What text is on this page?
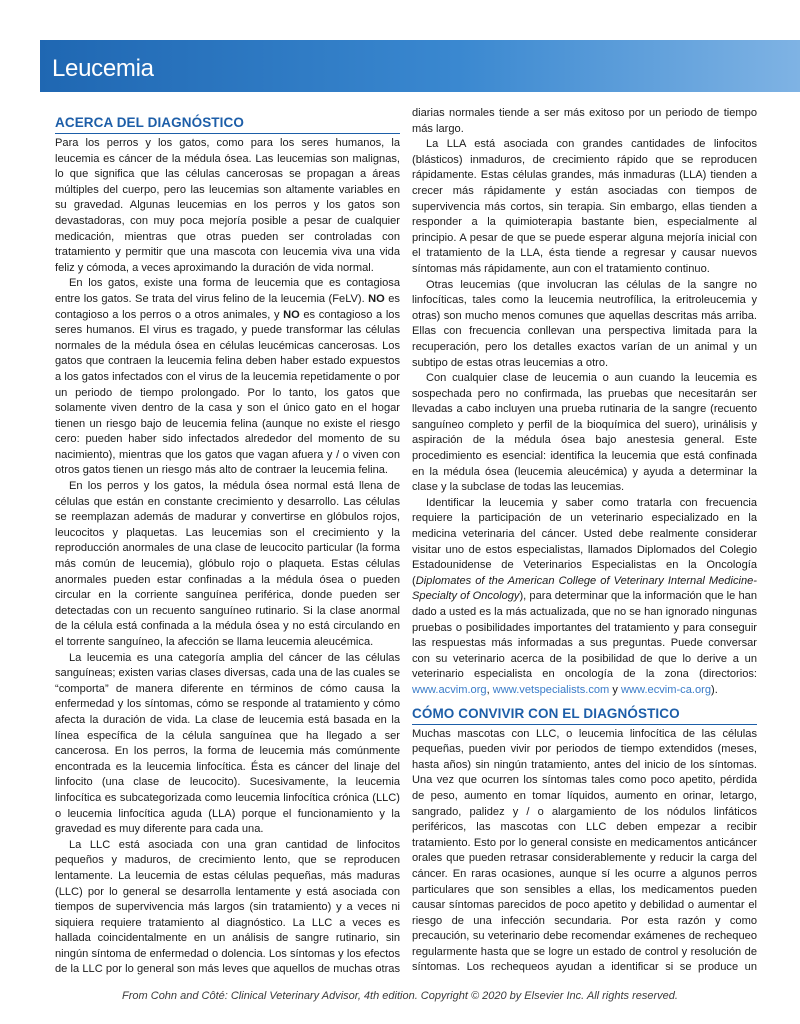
Leucemia
ACERCA DEL DIAGNÓSTICO

Para los perros y los gatos, como para los seres humanos, la leucemia es cáncer de la médula ósea. Las leucemias son malignas, lo que significa que las células cancerosas se propagan a áreas múltiples del cuerpo, pero las leucemias son altamente variables en su gravedad. Algunas leucemias en los perros y los gatos son devastadoras, con muy poca mejoría posible a pesar de cualquier medicación, mientras que otras pueden ser controladas con tratamiento y permitir que una mascota con leucemia viva una vida feliz y cómoda, a veces aproximando la duración de vida normal.

En los gatos, existe una forma de leucemia que es contagiosa entre los gatos. Se trata del virus felino de la leucemia (FeLV). NO es contagioso a los perros o a otros animales, y NO es contagioso a los seres humanos. El virus es tragado, y puede transformar las células normales de la médula ósea en células leucémicas cancerosas. Los gatos que contraen la leucemia felina deben haber estado expuestos a los gatos infectados con el virus de la leucemia repetidamente o por un periodo de tiempo prolongado. Por lo tanto, los gatos que solamente viven dentro de la casa y son el único gato en el hogar tienen un riesgo bajo de leucemia felina (aunque no existe el riesgo cero: pueden haber sido infectados alrededor del momento de su nacimiento), mientras que los gatos que vagan afuera y / o viven con otros gatos tienen un riesgo más alto de contraer la leucemia felina.

En los perros y los gatos, la médula ósea normal está llena de células que están en constante crecimiento y desarrollo. Las células se reemplazan además de madurar y convertirse en glóbulos rojos, leucocitos y plaquetas. Las leucemias son el crecimiento y la reproducción anormales de una clase de leucocito particular (la forma más común de leucemia), glóbulo rojo o plaqueta. Estas células anormales pueden estar confinadas a la médula ósea o pueden circular en la corriente sanguínea periférica, donde pueden ser detectadas con un recuento sanguíneo rutinario. Si la clase anormal de la célula está confinada a la médula ósea y no está circulando en el torrente sanguíneo, la afección se llama leucemia aleucémica.

La leucemia es una categoría amplia del cáncer de las células sanguíneas; existen varias clases diversas, cada una de las cuales se “comporta” de manera diferente en términos de cómo causa la enfermedad y los síntomas, cómo se responde al tratamiento y cómo afecta la duración de vida. La clase de leucemia está basada en la línea específica de la célula sanguínea que ha llegado a ser cancerosa. En los perros, la forma de leucemia más comúnmente encontrada es la leucemia linfocítica. Ésta es cáncer del linaje del linfocito (una clase de leucocito). Sucesivamente, la leucemia linfocítica es subcategorizada como leucemia linfocítica crónica (LLC) o leucemia linfocítica aguda (LLA) porque el funcionamiento y la gravedad es muy diferente para cada una.

La LLC está asociada con una gran cantidad de linfocitos pequeños y maduros, de crecimiento lento, que se reproducen lentamente. La leucemia de estas células pequeñas, más maduras (LLC) por lo general se desarrolla lentamente y está asociada con tiempos de supervivencia más largos (sin tratamiento) y a veces ni siquiera requiere tratamiento al diagnóstico. La LLC a veces es hallada coincidentalmente en un análisis de sangre rutinario, sin ningún síntoma de enfermedad o dolencia. Los síntomas y los efectos de la LLC por lo general son más leves que aquellos de muchas otras

diarias normales tiende a ser más exitoso por un periodo de tiempo más largo.

La LLA está asociada con grandes cantidades de linfocitos (blásticos) inmaduros, de crecimiento rápido que se reproducen rápidamente. Estas células grandes, más inmaduras (LLA) tienden a crecer más rápidamente y están asociadas con tiempos de supervivencia más cortos, sin terapia. Sin embargo, ellas tienden a responder a la quimioterapia bastante bien, especialmente al principio. A pesar de que se puede esperar alguna mejoría inicial con el tratamiento de la LLA, ésta tiende a regresar y causar nuevos síntomas más rápidamente, aun con el tratamiento continuo.

Otras leucemias (que involucran las células de la sangre no linfocíticas, tales como la leucemia neutrofílica, la eritroleucemia y otras) son mucho menos comunes que aquellas descritas más arriba. Ellas con frecuencia conllevan una perspectiva limitada para la recuperación, pero los detalles exactos varían de un animal y un subtipo de estas otras leucemias a otro.

Con cualquier clase de leucemia o aun cuando la leucemia es sospechada pero no confirmada, las pruebas que necesitarán ser llevadas a cabo incluyen una prueba rutinaria de la sangre (recuento sanguíneo completo y perfil de la bioquímica del suero), urinálisis y aspiración de la médula ósea bajo anestesia general. Este procedimiento es esencial: identifica la leucemia que está confinada en la médula ósea (leucemia aleucémica) y ayuda a determinar la clase y la subclase de todas las leucemias.

Identificar la leucemia y saber como tratarla con frecuencia requiere la participación de un veterinario especializado en la medicina veterinaria del cáncer. Usted debe realmente considerar visitar uno de estos especialistas, llamados Diplomados del Colegio Estadounidense de Veterinarios Especialistas en la Oncología (Diplomates of the American College of Veterinary Internal Medicine-Specialty of Oncology), para determinar que la información que le han dado a usted es la más actualizada, que no se han ignorado ningunas pruebas o posibilidades importantes del tratamiento y para conseguir las respuestas más informadas a sus preguntas. Puede conversar con su veterinario acerca de la posibilidad de que lo derive a un veterinario especialista en oncología de la zona (directorios: www.acvim.org, www.vetspecialists.com y www.ecvim-ca.org).

CÓMO CONVIVIR CON EL DIAGNÓSTICO

Muchas mascotas con LLC, o leucemia linfocítica de las células pequeñas, pueden vivir por periodos de tiempo extendidos (meses, hasta años) sin ningún tratamiento, antes del inicio de los síntomas. Una vez que ocurren los síntomas tales como poco apetito, pérdida de peso, aumento en tomar líquidos, aumento en orinar, letargo, sangrado, palidez y / o alargamiento de los nódulos linfáticos periféricos, las mascotas con LLC deben empezar a recibir tratamiento. Esto por lo general consiste en medicamentos anticáncer orales que pueden retrasar considerablemente y reducir la carga del cáncer. En raras ocasiones, aunque sí les ocurre a algunos perros particulares que son sensibles a ellas, los medicamentos pueden causar síntomas parecidos de poco apetito y debilidad o aumentar el riesgo de una infección secundaria. Por esta razón y como precaución, su veterinario debe recomendar exámenes de rechequeo regularmente hasta que se logre un estado de control y resolución de síntomas. Los rechequeos ayudan a identificar si se produce un

From Cohn and Côté: Clinical Veterinary Advisor, 4th edition. Copyright © 2020 by Elsevier Inc. All rights reserved.
